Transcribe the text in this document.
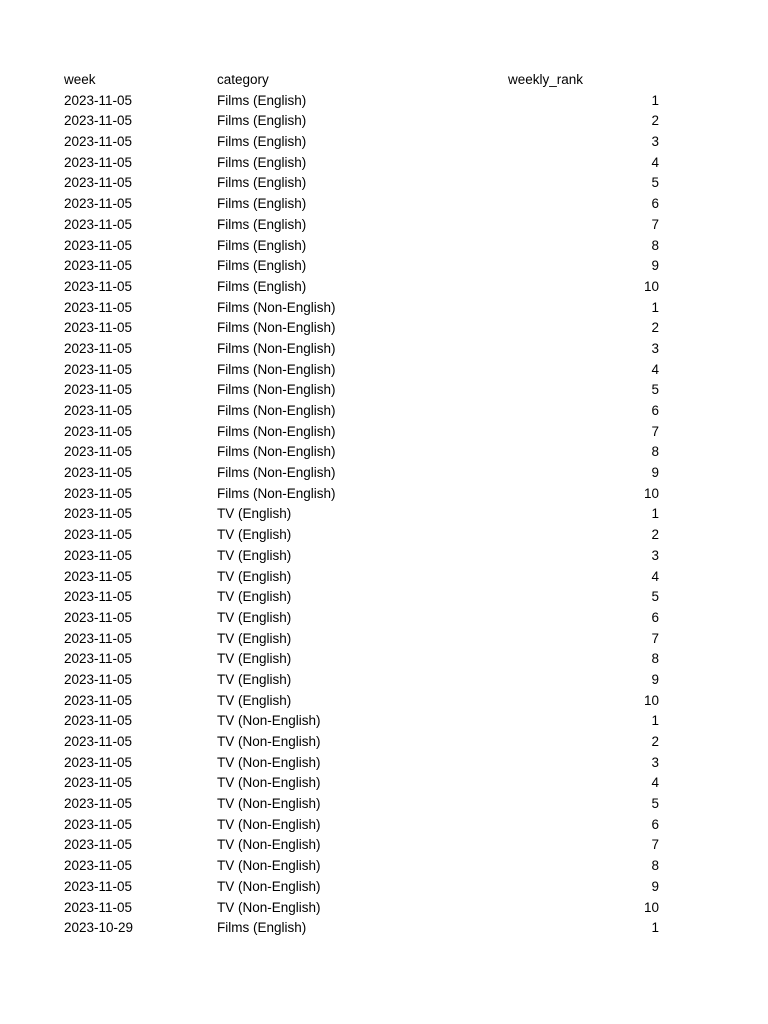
week	category	weekly_rank
2023-11-05	Films (English)	1
2023-11-05	Films (English)	2
2023-11-05	Films (English)	3
2023-11-05	Films (English)	4
2023-11-05	Films (English)	5
2023-11-05	Films (English)	6
2023-11-05	Films (English)	7
2023-11-05	Films (English)	8
2023-11-05	Films (English)	9
2023-11-05	Films (English)	10
2023-11-05	Films (Non-English)	1
2023-11-05	Films (Non-English)	2
2023-11-05	Films (Non-English)	3
2023-11-05	Films (Non-English)	4
2023-11-05	Films (Non-English)	5
2023-11-05	Films (Non-English)	6
2023-11-05	Films (Non-English)	7
2023-11-05	Films (Non-English)	8
2023-11-05	Films (Non-English)	9
2023-11-05	Films (Non-English)	10
2023-11-05	TV (English)	1
2023-11-05	TV (English)	2
2023-11-05	TV (English)	3
2023-11-05	TV (English)	4
2023-11-05	TV (English)	5
2023-11-05	TV (English)	6
2023-11-05	TV (English)	7
2023-11-05	TV (English)	8
2023-11-05	TV (English)	9
2023-11-05	TV (English)	10
2023-11-05	TV (Non-English)	1
2023-11-05	TV (Non-English)	2
2023-11-05	TV (Non-English)	3
2023-11-05	TV (Non-English)	4
2023-11-05	TV (Non-English)	5
2023-11-05	TV (Non-English)	6
2023-11-05	TV (Non-English)	7
2023-11-05	TV (Non-English)	8
2023-11-05	TV (Non-English)	9
2023-11-05	TV (Non-English)	10
2023-10-29	Films (English)	1
